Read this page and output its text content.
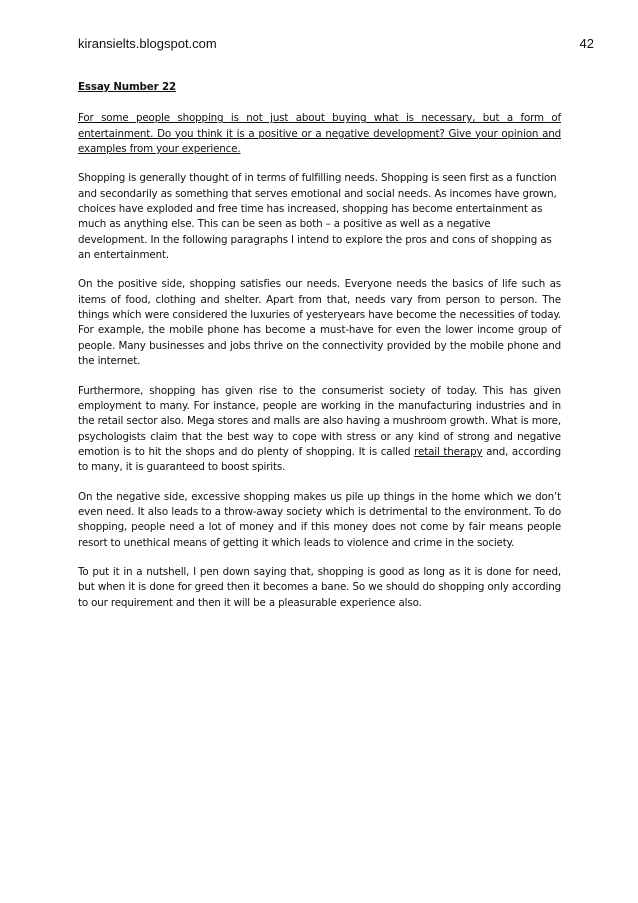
kiransielts.blogspot.com	42
Essay Number 22
For some people shopping is not just about buying what is necessary, but a form of entertainment. Do you think it is a positive or a negative development? Give your opinion and examples from your experience.
Shopping is generally thought of in terms of fulfilling needs. Shopping is seen first as a function and secondarily as something that serves emotional and social needs. As incomes have grown, choices have exploded and free time has increased, shopping has become entertainment as much as anything else. This can be seen as both – a positive as well as a negative development. In the following paragraphs I intend to explore the pros and cons of shopping as an entertainment.
On the positive side, shopping satisfies our needs. Everyone needs the basics of life such as items of food, clothing and shelter. Apart from that, needs vary from person to person. The things which were considered the luxuries of yesteryears have become the necessities of today. For example, the mobile phone has become a must-have for even the lower income group of people. Many businesses and jobs thrive on the connectivity provided by the mobile phone and the internet.
Furthermore, shopping has given rise to the consumerist society of today. This has given employment to many. For instance, people are working in the manufacturing industries and in the retail sector also. Mega stores and malls are also having a mushroom growth. What is more, psychologists claim that the best way to cope with stress or any kind of strong and negative emotion is to hit the shops and do plenty of shopping. It is called retail therapy and, according to many, it is guaranteed to boost spirits.
On the negative side, excessive shopping makes us pile up things in the home which we don’t even need. It also leads to a throw-away society which is detrimental to the environment. To do shopping, people need a lot of money and if this money does not come by fair means people resort to unethical means of getting it which leads to violence and crime in the society.
To put it in a nutshell, I pen down saying that, shopping is good as long as it is done for need, but when it is done for greed then it becomes a bane. So we should do shopping only according to our requirement and then it will be a pleasurable experience also.
